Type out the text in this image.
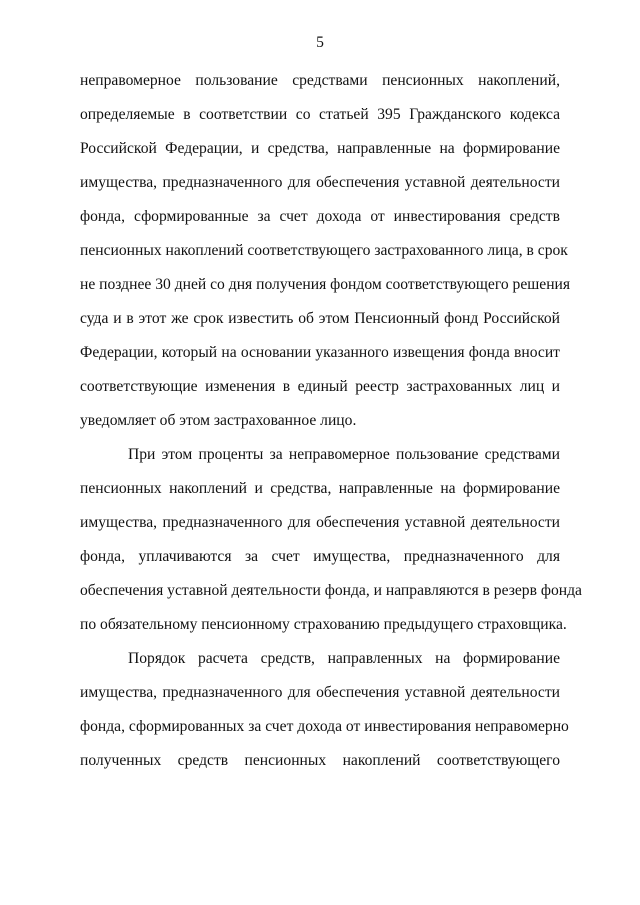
5
неправомерное пользование средствами пенсионных накоплений,
определяемые в соответствии со статьей 395 Гражданского кодекса
Российской Федерации, и средства, направленные на формирование
имущества, предназначенного для обеспечения уставной деятельности
фонда, сформированные за счет дохода от инвестирования средств
пенсионных накоплений соответствующего застрахованного лица, в срок
не позднее 30 дней со дня получения фондом соответствующего решения
суда и в этот же срок известить об этом Пенсионный фонд Российской
Федерации, который на основании указанного извещения фонда вносит
соответствующие изменения в единый реестр застрахованных лиц и
уведомляет об этом застрахованное лицо.
При этом проценты за неправомерное пользование средствами
пенсионных накоплений и средства, направленные на формирование
имущества, предназначенного для обеспечения уставной деятельности
фонда, уплачиваются за счет имущества, предназначенного для
обеспечения уставной деятельности фонда, и направляются в резерв фонда
по обязательному пенсионному страхованию предыдущего страховщика.
Порядок расчета средств, направленных на формирование
имущества, предназначенного для обеспечения уставной деятельности
фонда, сформированных за счет дохода от инвестирования неправомерно
полученных средств пенсионных накоплений соответствующего
